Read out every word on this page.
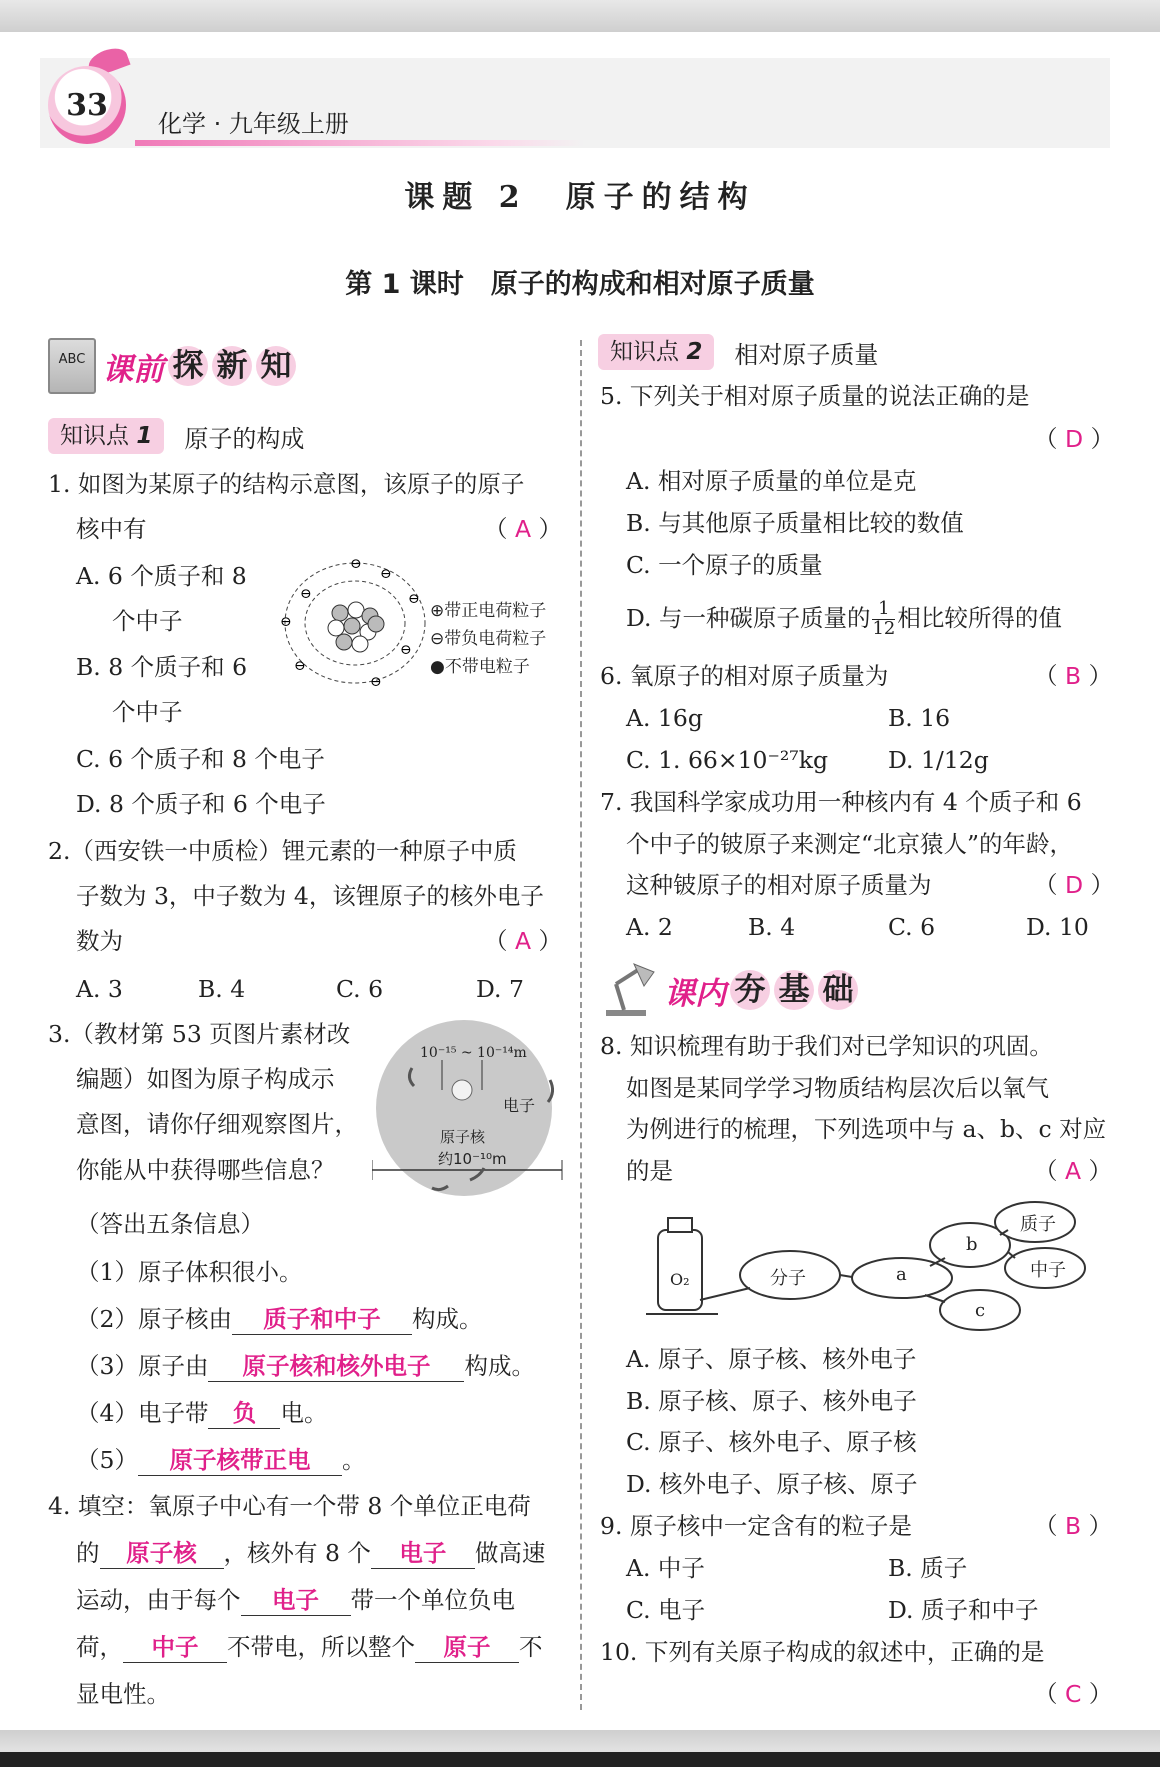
33
化学 · 九年级上册
课题 2　原子的结构
第 1 课时　原子的构成和相对原子质量
ABC 课前 探 新 知
知识点 1	原子的构成
1. 如图为某原子的结构示意图，该原子的原子
核中有	（ A ）
A. 6 个质子和 8
个中子
B. 8 个质子和 6
个中子
C. 6 个质子和 8 个电子
D. 8 个质子和 6 个电子
⊖
⊖
⊖
⊖
⊖
⊖
⊖
⊖
⊕带正电荷粒子
⊖带负电荷粒子
●不带电粒子
2.（西安铁一中质检）锂元素的一种原子中质
子数为 3，中子数为 4，该锂原子的核外电子
数为	（ A ）
A. 3	B. 4	C. 6	D. 7
3.（教材第 53 页图片素材改
编题）如图为原子构成示
意图，请你仔细观察图片，
你能从中获得哪些信息？
（答出五条信息）
10⁻¹⁵ ~ 10⁻¹⁴m
电子
原子核
约10⁻¹⁰m
（1）原子体积很小。
（2）原子核由 质子和中子 构成。
（3）原子由 原子核和核外电子 构成。
（4）电子带 负 电。
（5） 原子核带正电 。
4. 填空：氧原子中心有一个带 8 个单位正电荷
的 原子核 ，核外有 8 个 电子 做高速
运动，由于每个 电子 带一个单位负电
荷， 中子 不带电，所以整个 原子 不
显电性。
知识点 2	相对原子质量
5. 下列关于相对原子质量的说法正确的是
（ D ）
A. 相对原子质量的单位是克
B. 与其他原子质量相比较的数值
C. 一个原子的质量
D. 与一种碳原子质量的 $\frac{1}{12}$ 相比较所得的值
6. 氧原子的相对原子质量为	（ B ）
A. 16g	B. 16
C. 1. 66×10⁻²⁷kg	D. 1/12g
7. 我国科学家成功用一种核内有 4 个质子和 6
个中子的铍原子来测定“北京猿人”的年龄，
这种铍原子的相对原子质量为	（ D ）
A. 2	B. 4	C. 6	D. 10
课内 夯 基 础
8. 知识梳理有助于我们对已学知识的巩固。
如图是某同学学习物质结构层次后以氧气
为例进行的梳理，下列选项中与 a、b、c 对应
的是	（ A ）
O₂	分子	a
b
c
质子
中子
A. 原子、原子核、核外电子
B. 原子核、原子、核外电子
C. 原子、核外电子、原子核
D. 核外电子、原子核、原子
9. 原子核中一定含有的粒子是	（ B ）
A. 中子	B. 质子
C. 电子	D. 质子和中子
10. 下列有关原子构成的叙述中，正确的是
（ C ）
